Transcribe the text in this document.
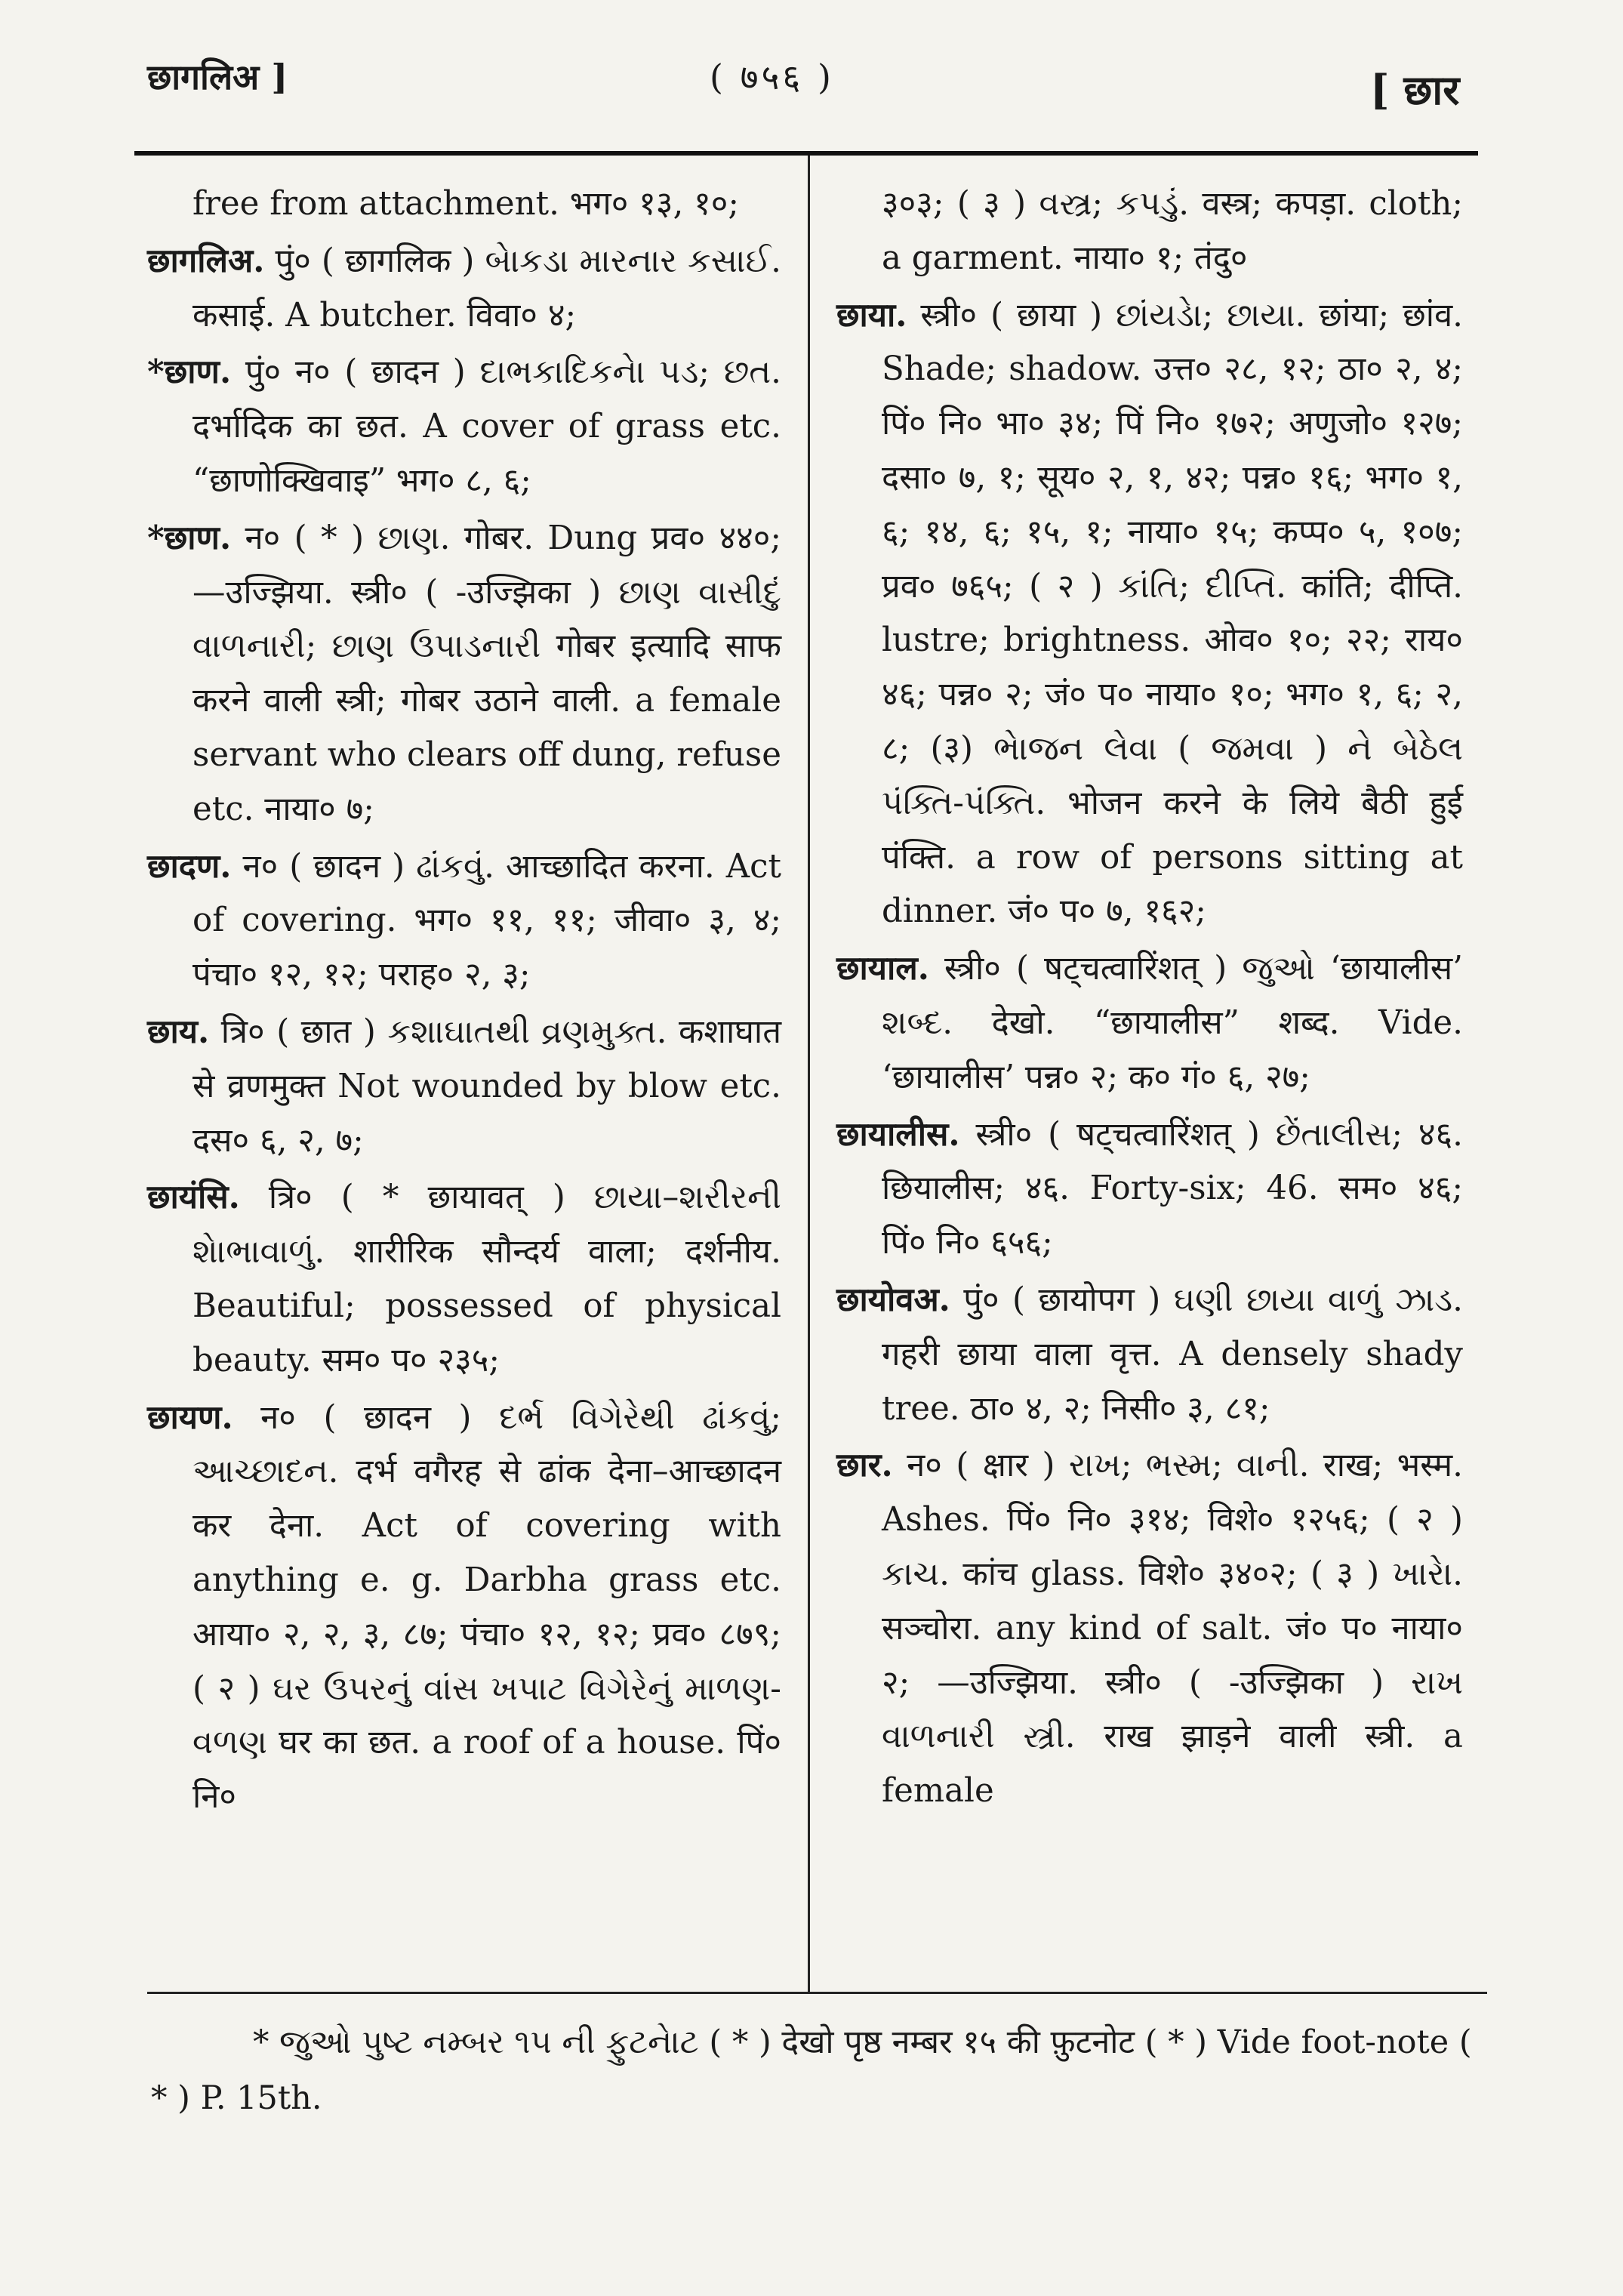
छागलिअ ]	( ७५६ )	[ छार

free from attachment. भग० १३, १०;

छागलिअ. पुं० ( छागलिक ) બેાકડા મારનાર કસાઈ. कसाई. A butcher. विवा० ४;

*छाण. पुं० न० ( छादन ) દાભકાદિકનેા પડ; છત. दर्भादिक का छत. A cover of grass etc. “छाणोक्खिवाइ” भग० ८, ६;

*छाण. न० ( * ) છાણ. गोबर. Dung प्रव० ४४०; —उज्झिया. स्त्री० ( -उज्झिका ) છાણ વાસીદું વાળનારી; છાણ ઉપાડનારી गोबर इत्यादि साफ करने वाली स्त्री; गोबर उठाने वाली. a female servant who clears off dung, refuse etc. नाया० ७;

छादण. न० ( छादन ) ઢાંકવું. आच्छादित करना. Act of covering. भग० ११, ११; जीवा० ३, ४; पंचा० १२, १२; पराह० २, ३;

छाय. त्रि० ( छात ) કશાઘાતથી વ્રણમુક્ત. कशाघात से व्रणमुक्त Not wounded by blow etc. दस० ६, २, ७;

छायंसि. त्रि० ( * छायावत् ) છાયા–શરીરની શેાભાવાળું. शारीरिक सौन्दर्य वाला; दर्शनीय. Beautiful; possessed of physical beauty. सम० प० २३५;

छायण. न० ( छादन ) દર્ભ વિગેરેથી ઢાંકવું; આચ્છાદન. दर्भ वगैरह से ढांक देना–आच्छादन कर देना. Act of covering with anything e. g. Darbha grass etc. आया० २, २, ३, ८७; पंचा० १२, १२; प्रव० ८७९; ( २ ) ઘર ઉપરનું વાંસ ખપાટ વિગેરેનું માળણ-વળણ घर का छत. a roof of a house. पिं० नि०

३०३; ( ३ ) વસ્ત્ર; કપડું. वस्त्र; कपड़ा. cloth; a garment. नाया० १; तंदु०

छाया. स्त्री० ( छाया ) છાંયડેા; છાયા. छांया; छांव. Shade; shadow. उत्त० २८, १२; ठा० २, ४; पिं० नि० भा० ३४; पिं नि० १७२; अणुजो० १२७; दसा० ७, १; सूय० २, १, ४२; पन्न० १६; भग० १, ६; १४, ६; १५, १; नाया० १५; कप्प० ५, १०७; प्रव० ७६५; ( २ ) કાંતિ; દીપ્તિ. कांति; दीप्ति. lustre; brightness. ओव० १०; २२; राय० ४६; पन्न० २; जं० प० नाया० १०; भग० १, ६; २, ८; (३) ભેાજન લેવા ( જમવા ) ને બેઠેલ પંક્તિ-પંક્તિ. भोजन करने के लिये बैठी हुई पंक्ति. a row of persons sitting at dinner. जं० प० ७, १६२;

छायाल. स्त्री० ( षट्चत्वारिंशत् ) જુઓ ‘छायालीस’ શબ્દ. देखो. “छायालीस” शब्द. Vide. ‘छायालीस’ पन्न० २; क० गं० ६, २७;

छायालीस. स्त्री० ( षट्चत्वारिंशत् ) છેંતાલીસ; ४६. छियालीस; ४६. Forty-six; 46. सम० ४६; पिं० नि० ६५६;

छायोवअ. पुं० ( छायोपग ) ઘણી છાયા વાળું ઝાડ. गहरी छाया वाला वृत्त. A densely shady tree. ठा० ४, २; निसी० ३, ८१;

छार. न० ( क्षार ) રાખ; ભસ્મ; વાની. राख; भस्म. Ashes. पिं० नि० ३१४; विशे० १२५६; ( २ ) કાચ. कांच glass. विशे० ३४०२; ( ३ ) ખારેા. सञ्चोरा. any kind of salt. जं० प० नाया० २; —उज्झिया. स्त्री० ( -उज्झिका ) રાખ વાળનારી સ્ત્રી. राख झाड़ने वाली स्त्री. a female

* જુઓ પુષ્ટ નમ્બર ૧૫ ની ફુટનેાટ ( * ) देखो पृष्ठ नम्बर १५ की फ़ुटनोट ( * ) Vide foot-note ( * ) P. 15th.
